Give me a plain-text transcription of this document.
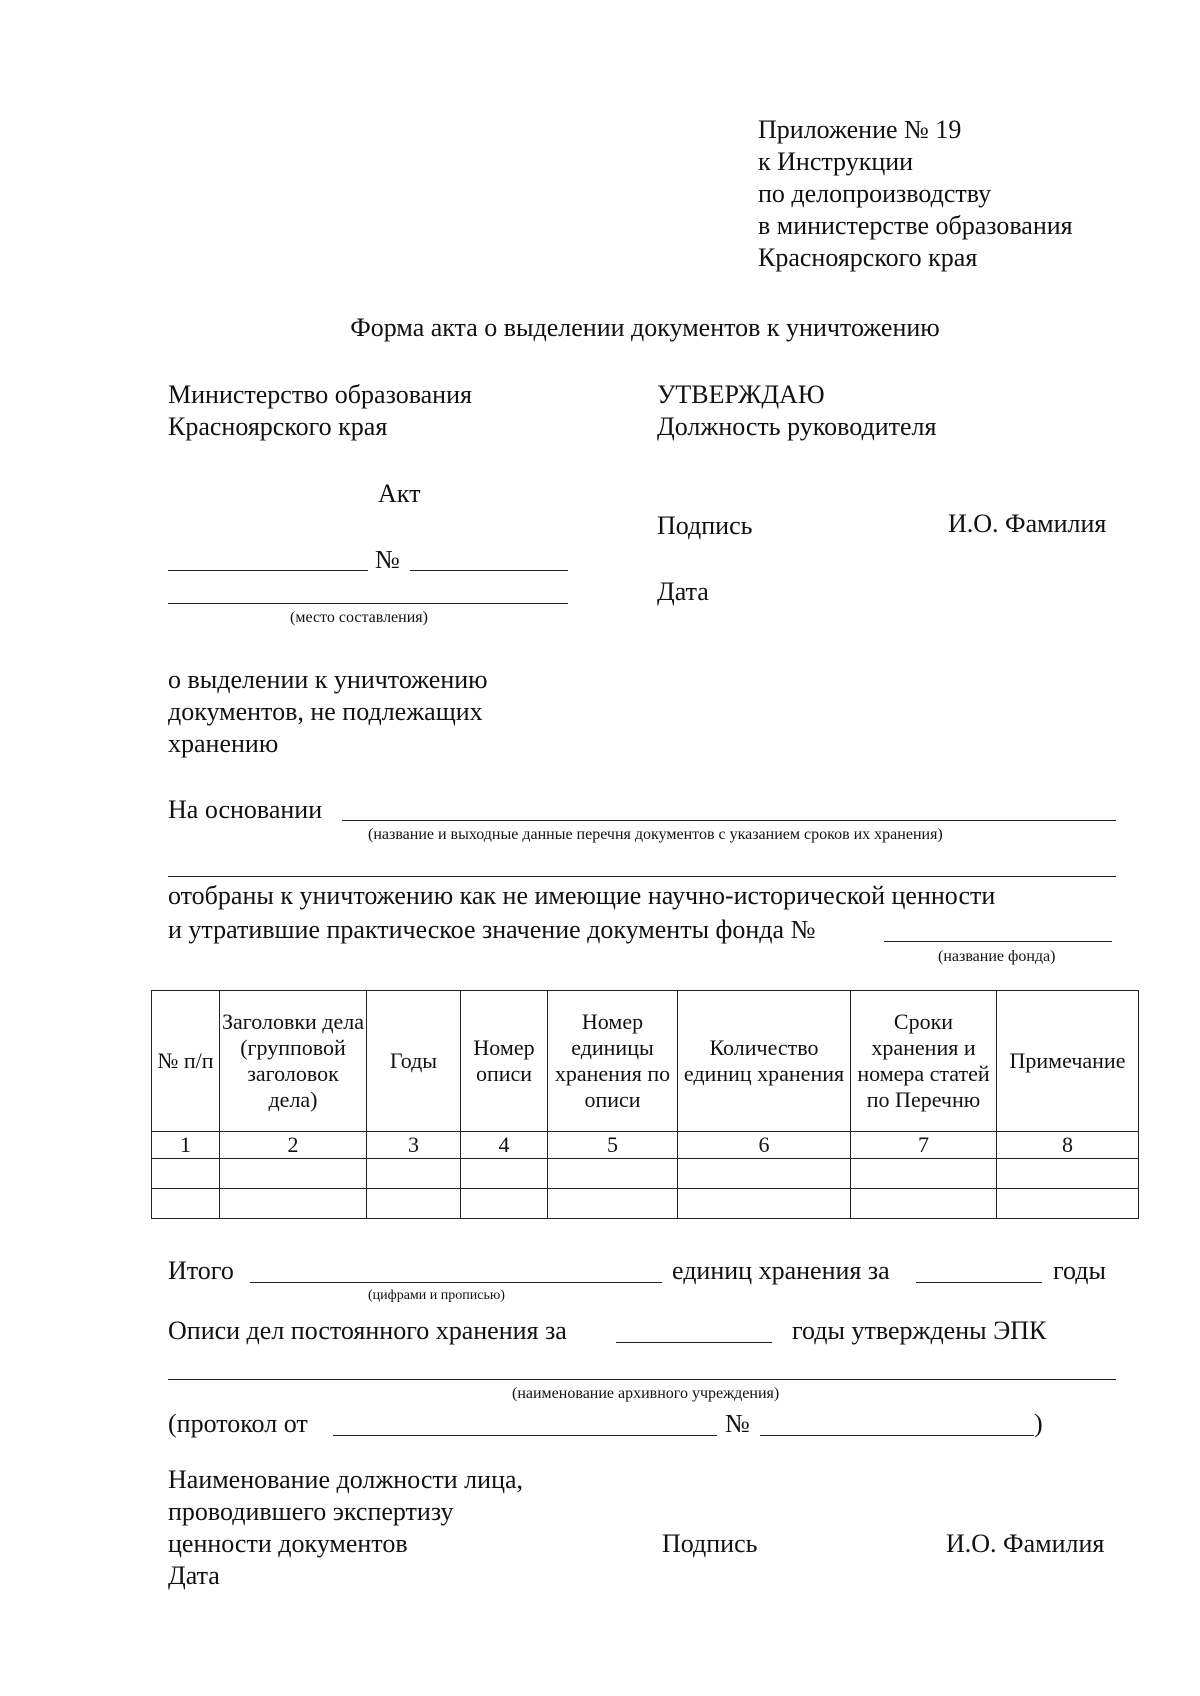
Приложение № 19
к Инструкции
по делопроизводству
в министерстве образования
Красноярского края
Форма акта о выделении документов к уничтожению
Министерство образования
Красноярского края
УТВЕРЖДАЮ
Должность руководителя
Подпись	И.О. Фамилия
Дата
Акт
№
(место составления)
о выделении к уничтожению
документов, не подлежащих
хранению
На основании
(название и выходные данные перечня документов с указанием сроков их хранения)
отобраны к уничтожению как не имеющие научно-исторической ценности
и утратившие практическое значение документы фонда №
(название фонда)
№ п/п	Заголовки дела (групповой заголовок дела)	Годы	Номер описи	Номер единицы хранения по описи	Количество единиц хранения	Сроки хранения и номера статей по Перечню	Примечание
1	2	3	4	5	6	7	8

Итого
(цифрами и прописью)
единиц хранения за	годы
Описи дел постоянного хранения за	годы утверждены ЭПК
(наименование архивного учреждения)
(протокол от	№	)
Наименование должности лица,
проводившего экспертизу
ценности документов
Дата
Подпись	И.О. Фамилия
